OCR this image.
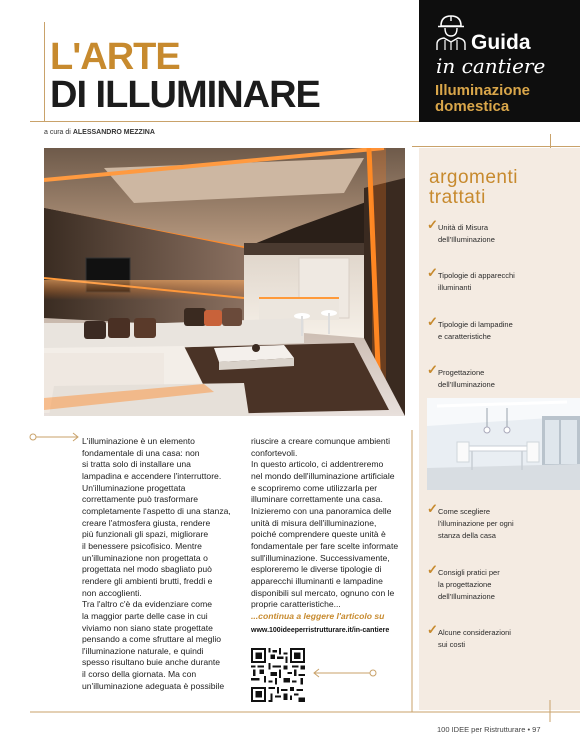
L'ARTE
DI ILLUMINARE
a cura di ALESSANDRO MEZZINA
Guida
in cantiere
Illuminazione
domestica
argomenti
trattati
✓ Unità di Misura
dell'Illuminazione
✓ Tipologie di apparecchi
illuminanti
✓ Tipologie di lampadine
e caratteristiche
✓ Progettazione
dell'Illuminazione
✓ Come scegliere
l'illuminazione per ogni
stanza della casa
✓ Consigli pratici per
la progettazione
dell'Illuminazione
✓ Alcune considerazioni
sui costi

L'illuminazione è un elemento

fondamentale di una casa: non

si tratta solo di installare una

lampadina e accendere l'interruttore.

Un'illuminazione progettata

correttamente può trasformare

completamente l'aspetto di una stanza,

creare l'atmosfera giusta, rendere

più funzionali gli spazi, migliorare

il benessere psicofisico. Mentre

un'illuminazione non progettata o

progettata nel modo sbagliato può

rendere gli ambienti brutti, freddi e

non accoglienti.

Tra l'altro c'è da evidenziare come

la maggior parte delle case in cui

viviamo non siano state progettate

pensando a come sfruttare al meglio

l'illuminazione naturale, e quindi

spesso risultano buie anche durante

il corso della giornata. Ma con

un'illuminazione adeguata è possibile

riuscire a creare comunque ambienti

confortevoli.

In questo articolo, ci addentreremo

nel mondo dell'illuminazione artificiale

e scopriremo come utilizzarla per

illuminare correttamente una casa.

Inizieremo con una panoramica delle

unità di misura dell'illuminazione,

poiché comprendere queste unità è

fondamentale per fare scelte informate

sull'illuminazione. Successivamente,

esploreremo le diverse tipologie di

apparecchi illuminanti e lampadine

disponibili sul mercato, ognuno con le

proprie caratteristiche...

...continua a leggere l'articolo su

www.100ideeperristrutturare.it/in-cantiere

100 IDEE per Ristrutturare • 97
